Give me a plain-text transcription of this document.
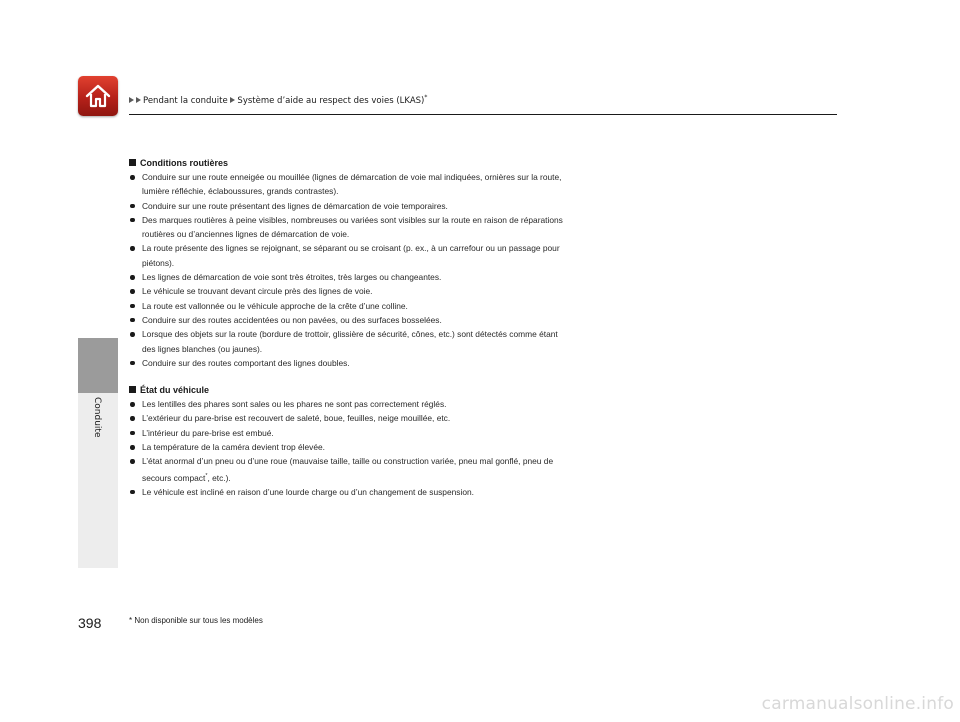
Pendant la conduite Système d’aide au respect des voies (LKAS)*
Conduite
Conditions routières
Conduire sur une route enneigée ou mouillée (lignes de démarcation de voie mal indiquées, ornières sur la route, lumière réfléchie, éclaboussures, grands contrastes).
Conduire sur une route présentant des lignes de démarcation de voie temporaires.
Des marques routières à peine visibles, nombreuses ou variées sont visibles sur la route en raison de réparations routières ou d’anciennes lignes de démarcation de voie.
La route présente des lignes se rejoignant, se séparant ou se croisant (p. ex., à un carrefour ou un passage pour piétons).
Les lignes de démarcation de voie sont très étroites, très larges ou changeantes.
Le véhicule se trouvant devant circule près des lignes de voie.
La route est vallonnée ou le véhicule approche de la crête d’une colline.
Conduire sur des routes accidentées ou non pavées, ou des surfaces bosselées.
Lorsque des objets sur la route (bordure de trottoir, glissière de sécurité, cônes, etc.) sont détectés comme étant des lignes blanches (ou jaunes).
Conduire sur des routes comportant des lignes doubles.
État du véhicule
Les lentilles des phares sont sales ou les phares ne sont pas correctement réglés.
L’extérieur du pare-brise est recouvert de saleté, boue, feuilles, neige mouillée, etc.
L’intérieur du pare-brise est embué.
La température de la caméra devient trop élevée.
L’état anormal d’un pneu ou d’une roue (mauvaise taille, taille ou construction variée, pneu mal gonflé, pneu de secours compact*, etc.).
Le véhicule est incliné en raison d’une lourde charge ou d’un changement de suspension.
398	* Non disponible sur tous les modèles
carmanualsonline.info
